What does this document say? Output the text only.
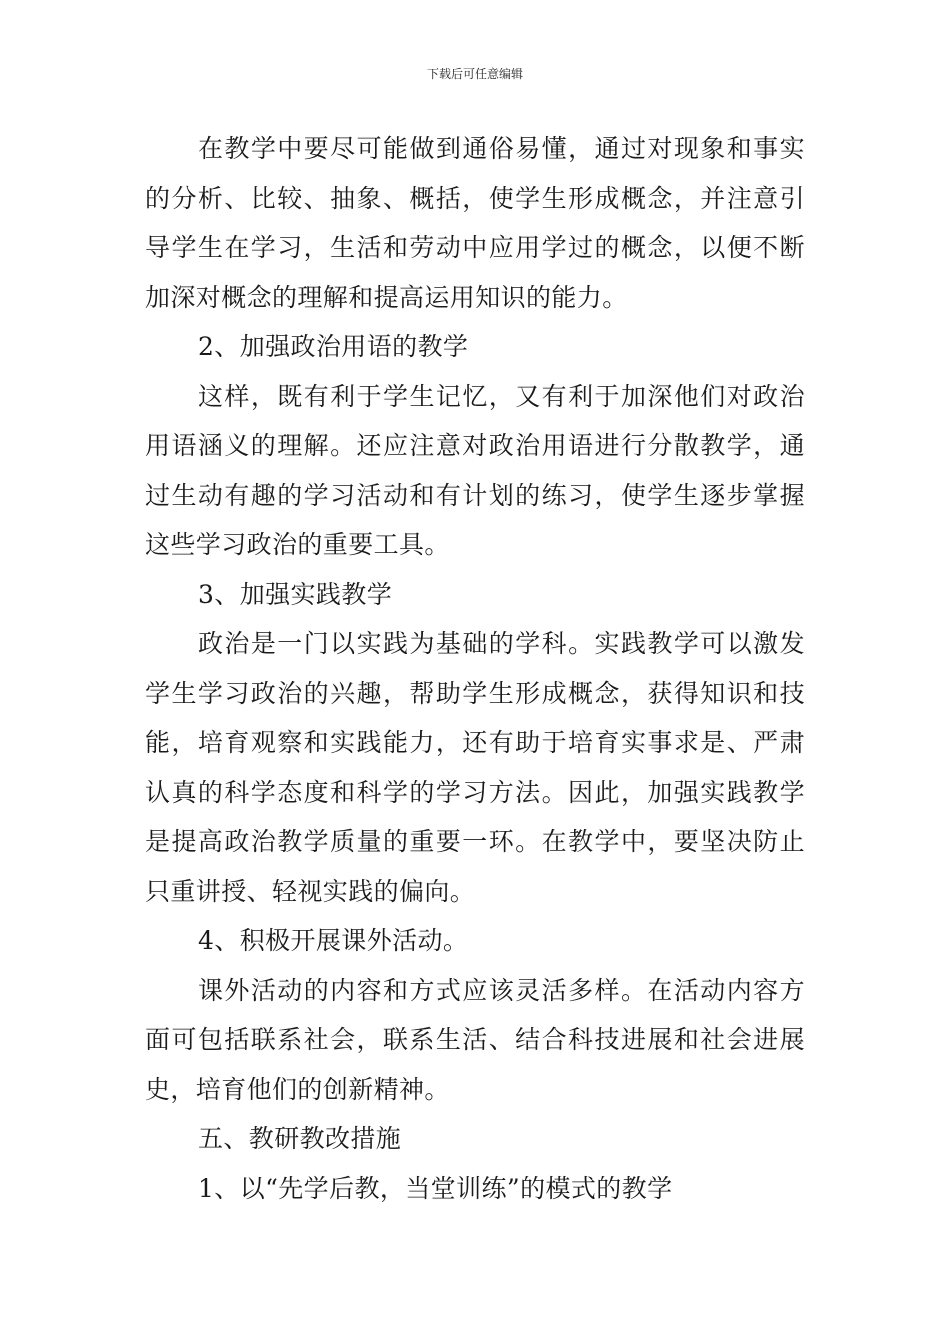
下载后可任意编辑

在教学中要尽可能做到通俗易懂，通过对现象和事实的分析、比较、抽象、概括，使学生形成概念，并注意引导学生在学习，生活和劳动中应用学过的概念，以便不断加深对概念的理解和提高运用知识的能力。

2、加强政治用语的教学

这样，既有利于学生记忆，又有利于加深他们对政治用语涵义的理解。还应注意对政治用语进行分散教学，通过生动有趣的学习活动和有计划的练习，使学生逐步掌握这些学习政治的重要工具。

3、加强实践教学

政治是一门以实践为基础的学科。实践教学可以激发学生学习政治的兴趣，帮助学生形成概念，获得知识和技能，培育观察和实践能力，还有助于培育实事求是、严肃认真的科学态度和科学的学习方法。因此，加强实践教学是提高政治教学质量的重要一环。在教学中，要坚决防止只重讲授、轻视实践的偏向。

4、积极开展课外活动。

课外活动的内容和方式应该灵活多样。在活动内容方面可包括联系社会，联系生活、结合科技进展和社会进展史，培育他们的创新精神。

五、教研教改措施

1、以“先学后教，当堂训练”的模式的教学
